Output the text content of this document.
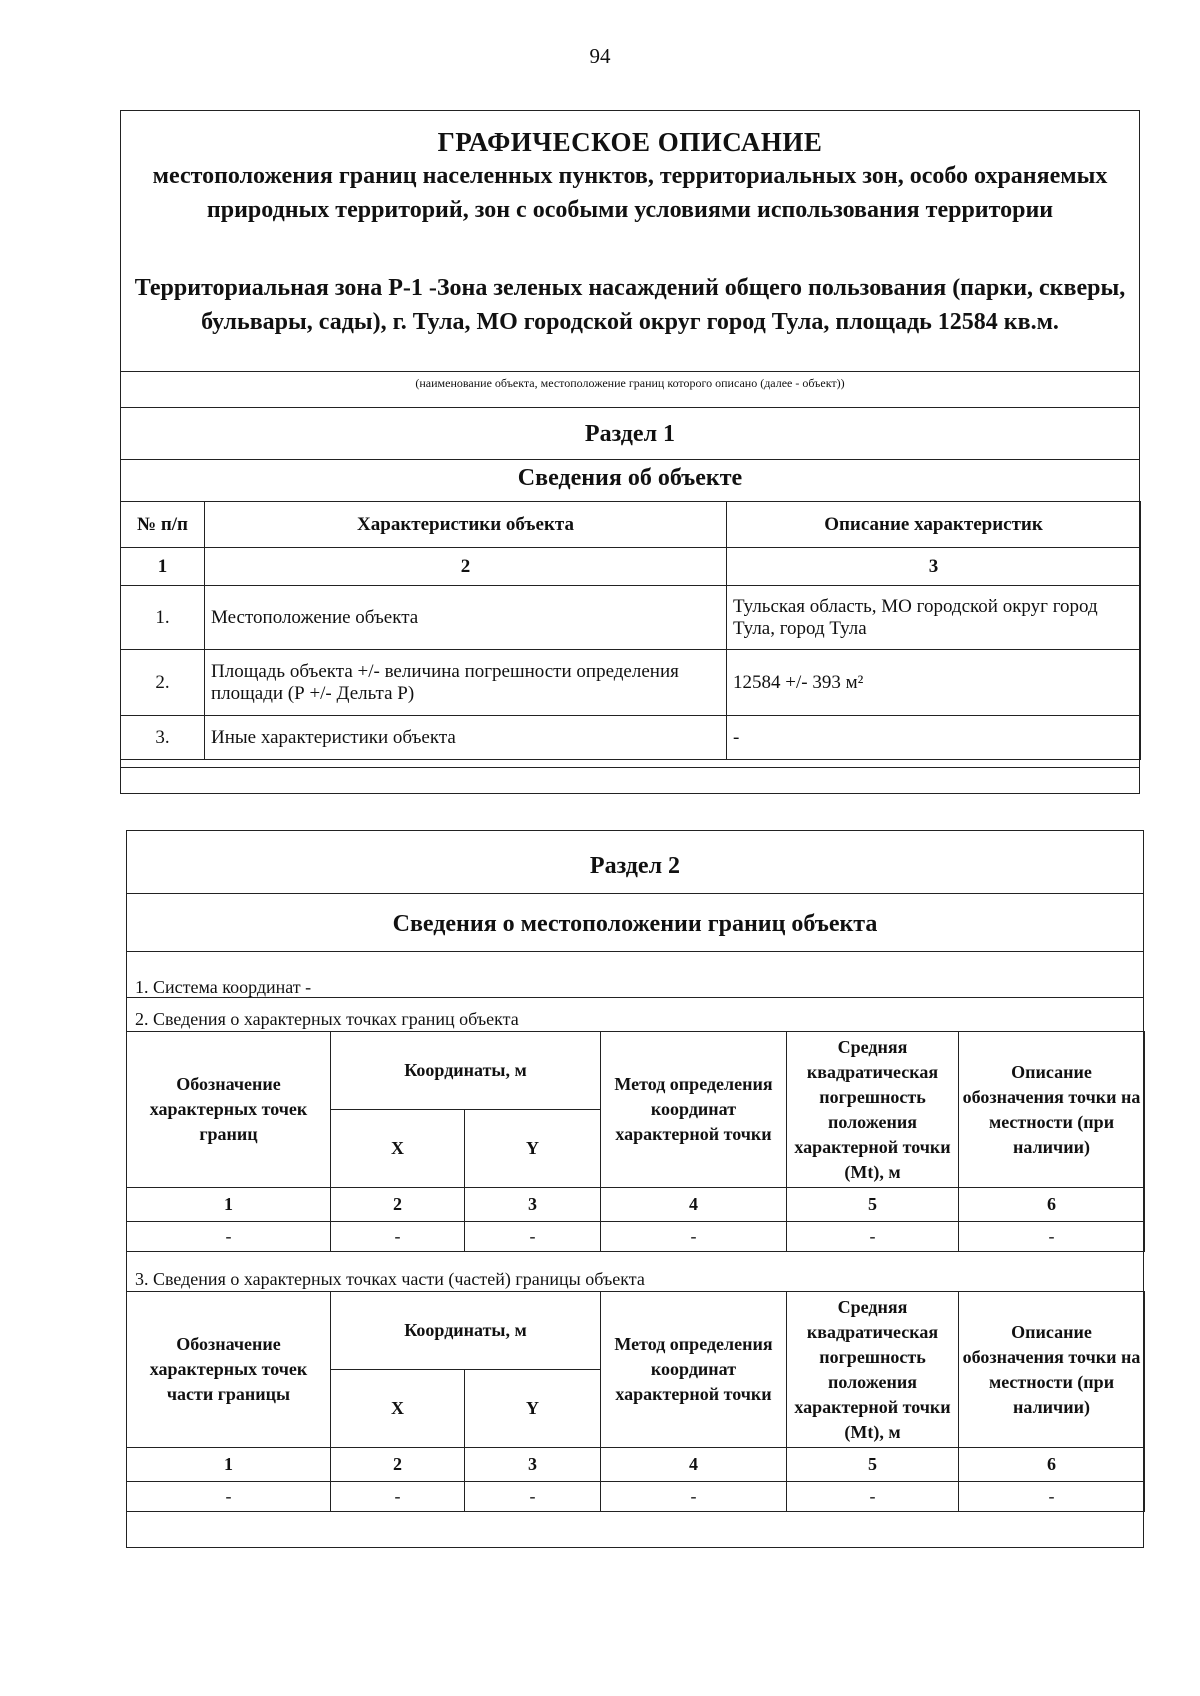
94
ГРАФИЧЕСКОЕ ОПИСАНИЕ
местоположения границ населенных пунктов, территориальных зон, особо охраняемых природных территорий, зон с особыми условиями использования территории
Территориальная зона Р-1 -Зона зеленых насаждений общего пользования (парки, скверы, бульвары, сады), г. Тула, МО городской округ город Тула, площадь 12584 кв.м.
(наименование объекта, местоположение границ которого описано (далее - объект))
Раздел 1
Сведения об объекте
№ п/п	Характеристики объекта	Описание характеристик
1	2	3
1.	Местоположение объекта	Тульская область, МО городской округ город Тула, город Тула
2.	Площадь объекта +/- величина погрешности определения площади (Р +/- Дельта Р)	12584 +/- 393 м²
3.	Иные характеристики объекта	-
Раздел 2
Сведения о местоположении границ объекта
1. Система координат -
2. Сведения о характерных точках границ объекта
Обозначение характерных точек границ	Координаты, м		Метод определения координат характерной точки	Средняя квадратическая погрешность положения характерной точки (Mt), м	Описание обозначения точки на местности (при наличии)
	X	Y			
1	2	3	4	5	6
-	-	-	-	-	-
3. Сведения о характерных точках части (частей) границы объекта
Обозначение характерных точек части границы	Координаты, м		Метод определения координат характерной точки	Средняя квадратическая погрешность положения характерной точки (Mt), м	Описание обозначения точки на местности (при наличии)
	X	Y			
1	2	3	4	5	6
-	-	-	-	-	-
